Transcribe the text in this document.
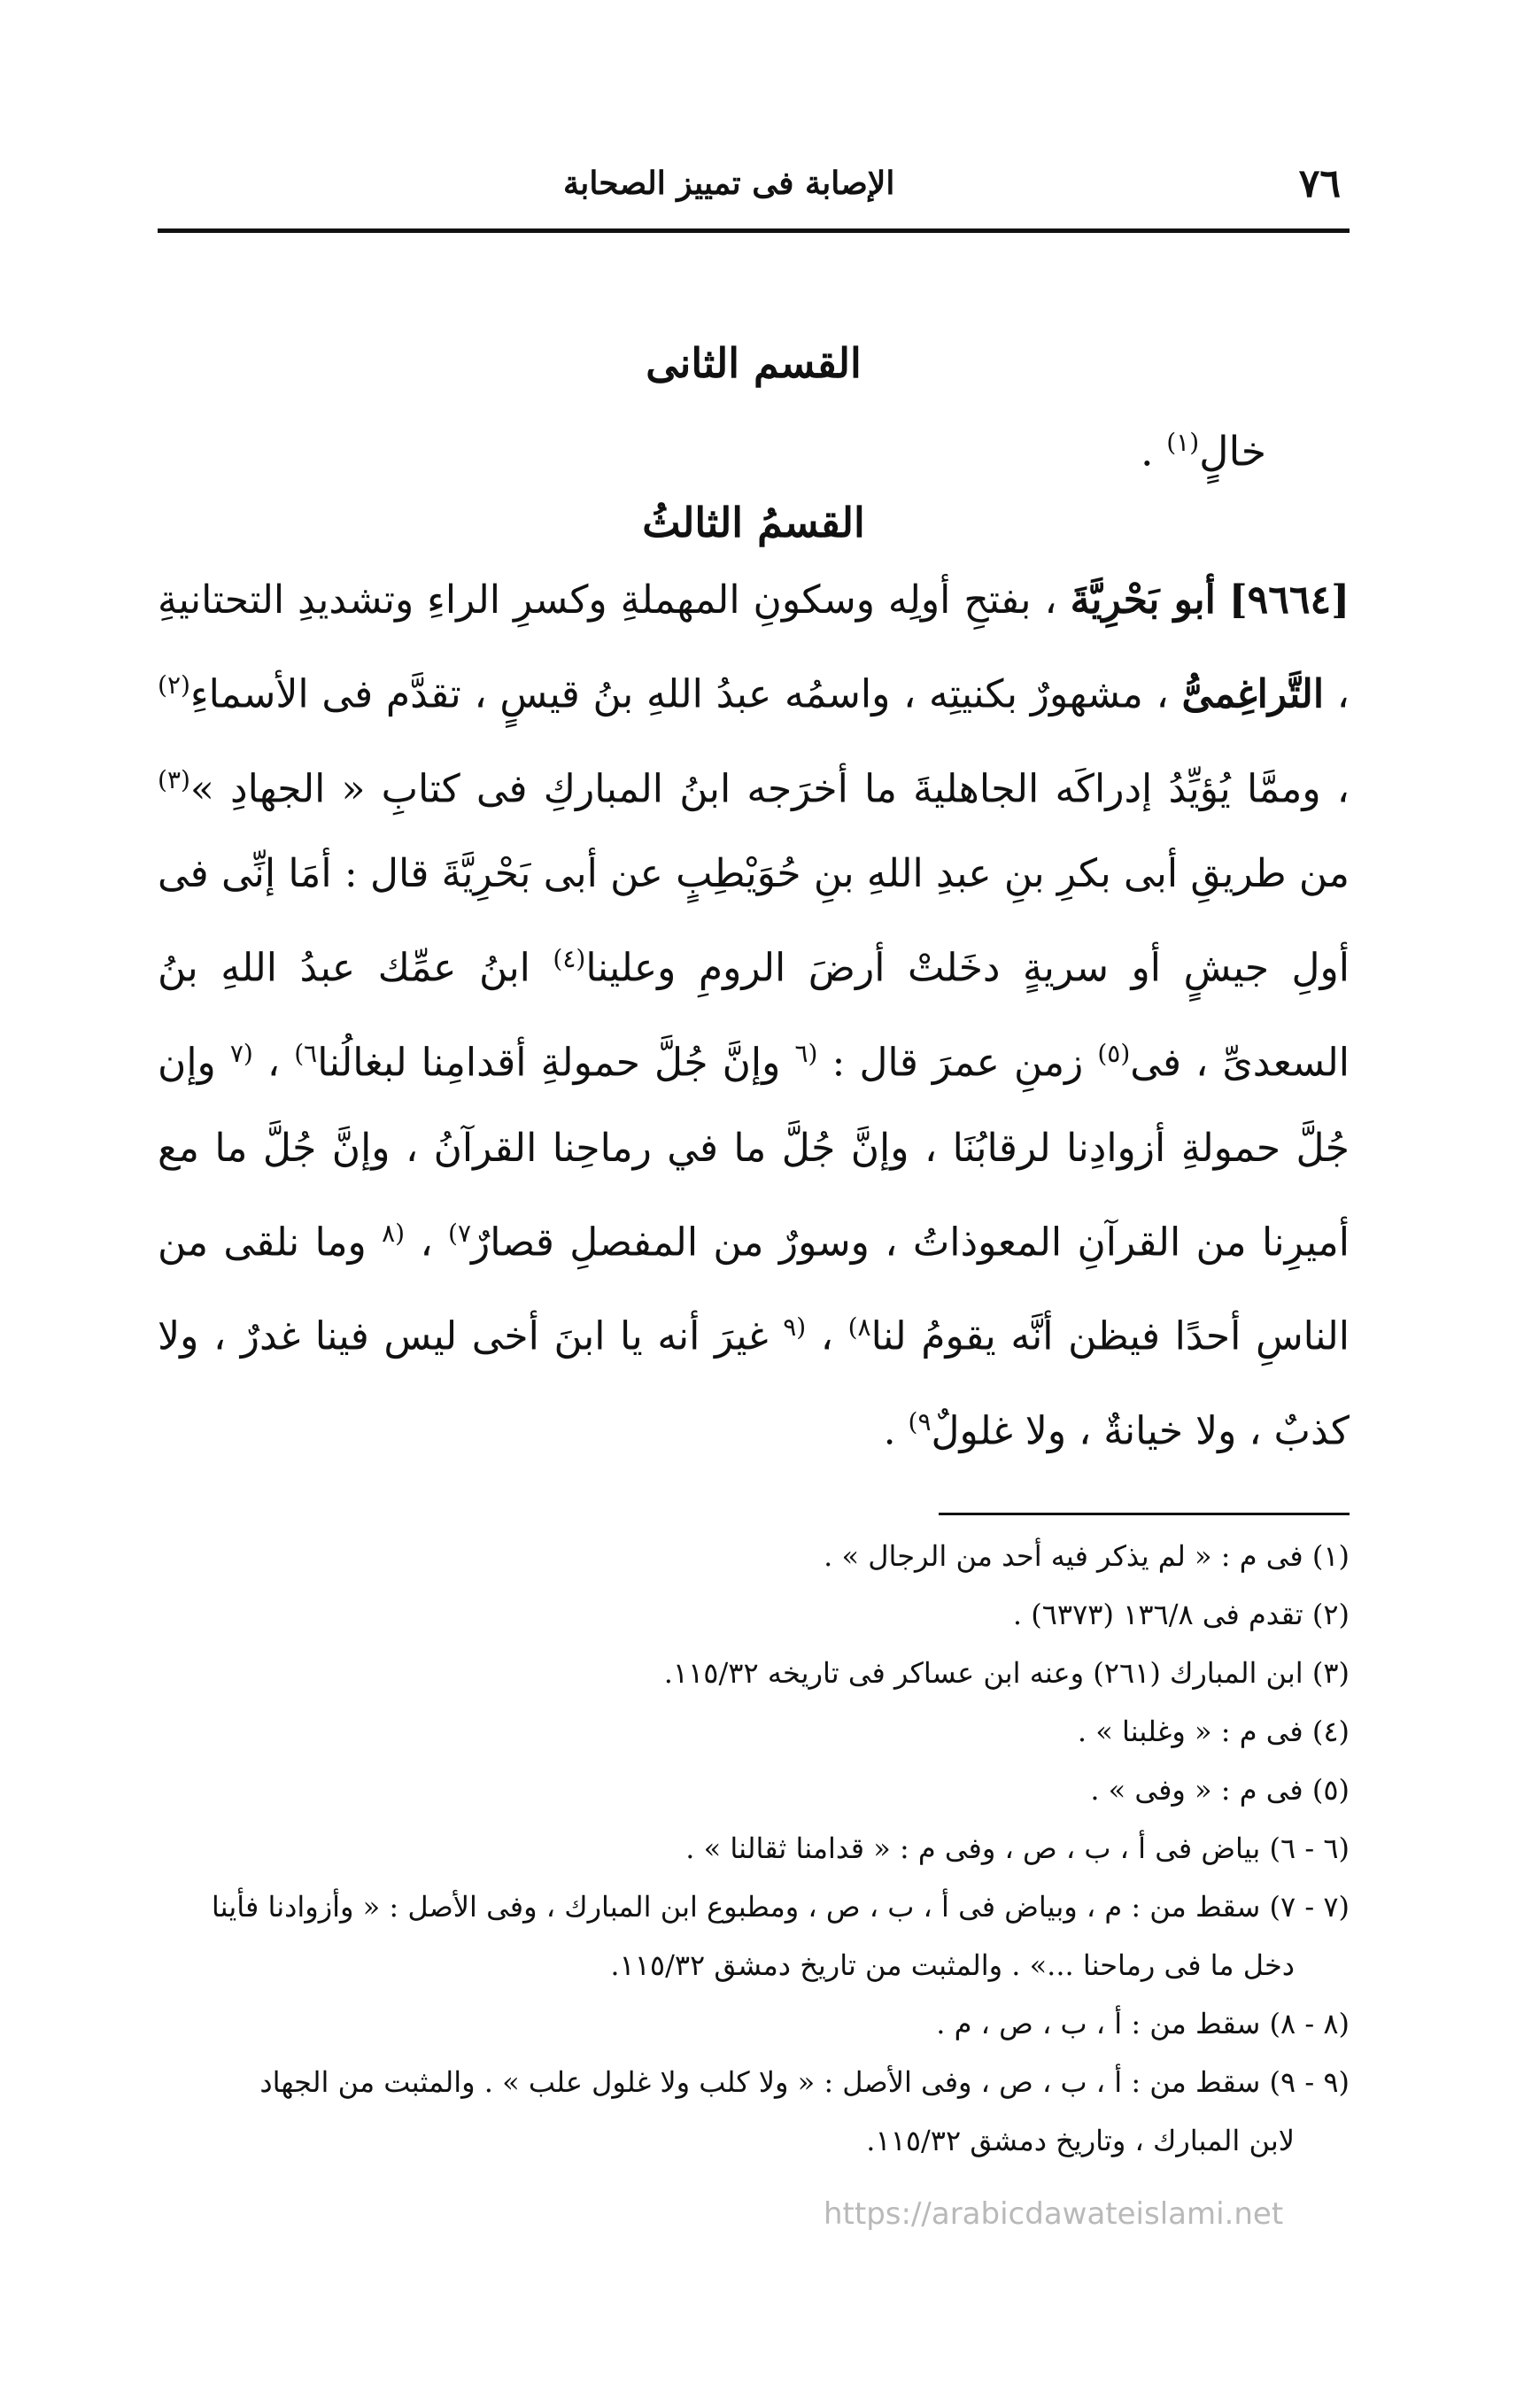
٧٦
الإصابة فى تمييز الصحابة
القسم الثانى
خالٍ$^{(١)}$ .
القسمُ الثالثُ

[٩٦٦٤] أبو بَحْرِيَّةَ ، بفتحِ أولِه وسكونِ المهملةِ وكسرِ الراءِ وتشديدِ التحتانيةِ ، التَّراغِمىُّ ، مشهورٌ بكنيتِه ، واسمُه عبدُ اللهِ بنُ قيسٍ ، تقدَّم فى الأسماءِ$^{(٢)}$ ، وممَّا يُؤيِّدُ إدراكَه الجاهليةَ ما أخرَجه ابنُ المباركِ فى كتابِ « الجهادِ »$^{(٣)}$ من طريقِ أبى بكرِ بنِ عبدِ اللهِ بنِ حُوَيْطِبٍ عن أبى بَحْرِيَّةَ قال : أمَا إنِّى فى أولِ جيشٍ أو سريةٍ دخَلتْ أرضَ الرومِ وعلينا$^{(٤)}$ ابنُ عمِّك عبدُ اللهِ بنُ السعدىِّ ، فى$^{(٥)}$ زمنِ عمرَ قال : $^{(٦}$ وإنَّ جُلَّ حمولةِ أقدامِنا لبغالُنا$^{٦)}$ ، $^{(٧}$ وإن جُلَّ حمولةِ أزوادِنا لرقابُنَا ، وإنَّ جُلَّ ما في رماحِنا القرآنُ ، وإنَّ جُلَّ ما مع أميرِنا من القرآنِ المعوذاتُ ، وسورٌ من المفصلِ قصارٌ$^{٧)}$ ، $^{(٨}$ وما نلقى من الناسِ أحدًا فيظن أنَّه يقومُ لنا$^{٨)}$ ، $^{(٩}$ غيرَ أنه يا ابنَ أخى ليس فينا غدرٌ ، ولا كذبٌ ، ولا خيانةٌ ، ولا غلولٌ$^{٩)}$ .

(١) فى م : « لم يذكر فيه أحد من الرجال » .

(٢) تقدم فى ١٣٦/٨ (٦٣٧٣) .

(٣) ابن المبارك (٢٦١) وعنه ابن عساكر فى تاريخه ١١٥/٣٢.

(٤) فى م : « وغلبنا » .

(٥) فى م : « وفى » .

(٦ - ٦) بياض فى أ ، ب ، ص ، وفى م : « قدامنا ثقالنا » .

(٧ - ٧) سقط من : م ، وبياض فى أ ، ب ، ص ، ومطبوع ابن المبارك ، وفى الأصل : « وأزوادنا فأينا

دخل ما فى رماحنا ...» . والمثبت من تاريخ دمشق ١١٥/٣٢.

(٨ - ٨) سقط من : أ ، ب ، ص ، م .

(٩ - ٩) سقط من : أ ، ب ، ص ، وفى الأصل : « ولا كلب ولا غلول علب » . والمثبت من الجهاد

لابن المبارك ، وتاريخ دمشق ١١٥/٣٢.

https://arabicdawateislami.net
